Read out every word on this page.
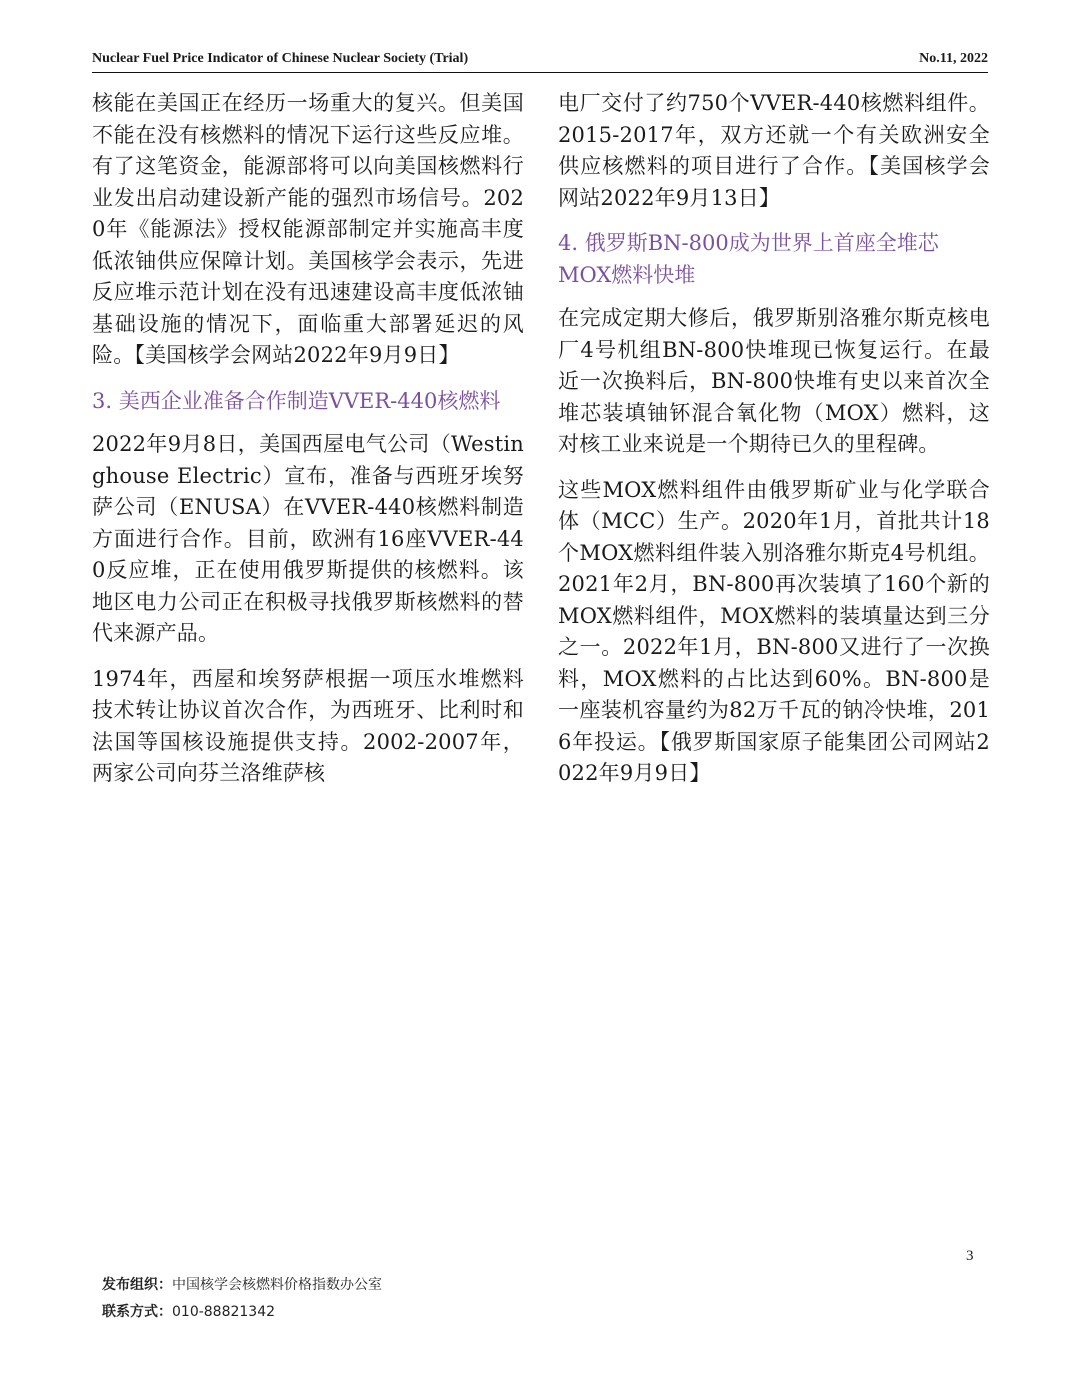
Nuclear Fuel Price Indicator of Chinese Nuclear Society (Trial)	No.11, 2022

核能在美国正在经历一场重大的复兴。但美国不能在没有核燃料的情况下运行这些反应堆。有了这笔资金，能源部将可以向美国核燃料行业发出启动建设新产能的强烈市场信号。2020年《能源法》授权能源部制定并实施高丰度低浓铀供应保障计划。美国核学会表示，先进反应堆示范计划在没有迅速建设高丰度低浓铀基础设施的情况下，面临重大部署延迟的风险。【美国核学会网站2022年9月9日】

3. 美西企业准备合作制造VVER-440核燃料

2022年9月8日，美国西屋电气公司（Westinghouse Electric）宣布，准备与西班牙埃努萨公司（ENUSA）在VVER-440核燃料制造方面进行合作。目前，欧洲有16座VVER-440反应堆，正在使用俄罗斯提供的核燃料。该地区电力公司正在积极寻找俄罗斯核燃料的替代来源产品。

1974年，西屋和埃努萨根据一项压水堆燃料技术转让协议首次合作，为西班牙、比利时和法国等国核设施提供支持。2002-2007年，两家公司向芬兰洛维萨核

电厂交付了约750个VVER-440核燃料组件。2015-2017年，双方还就一个有关欧洲安全供应核燃料的项目进行了合作。【美国核学会网站2022年9月13日】

4. 俄罗斯BN-800成为世界上首座全堆芯MOX燃料快堆

在完成定期大修后，俄罗斯别洛雅尔斯克核电厂4号机组BN-800快堆现已恢复运行。在最近一次换料后，BN-800快堆有史以来首次全堆芯装填铀钚混合氧化物（MOX）燃料，这对核工业来说是一个期待已久的里程碑。

这些MOX燃料组件由俄罗斯矿业与化学联合体（MCC）生产。2020年1月，首批共计18个MOX燃料组件装入别洛雅尔斯克4号机组。2021年2月，BN-800再次装填了160个新的MOX燃料组件，MOX燃料的装填量达到三分之一。2022年1月，BN-800又进行了一次换料，MOX燃料的占比达到60%。BN-800是一座装机容量约为82万千瓦的钠冷快堆，2016年投运。【俄罗斯国家原子能集团公司网站2022年9月9日】

3
发布组织：中国核学会核燃料价格指数办公室
联系方式：010-88821342
